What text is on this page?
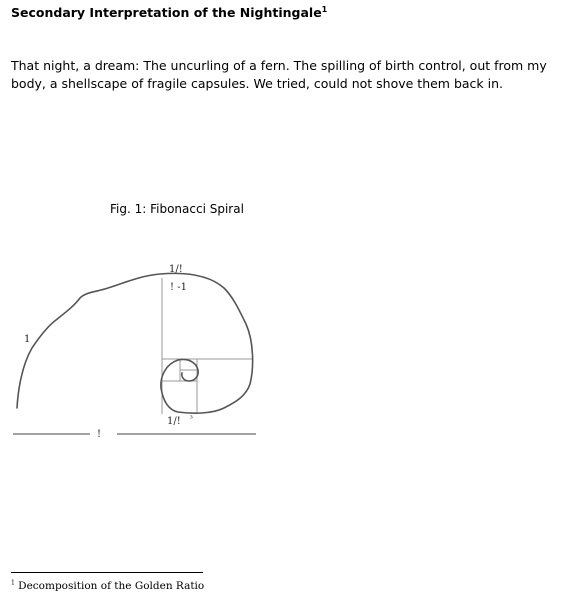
Secondary Interpretation of the Nightingale$^1$
That night, a dream: The uncurling of a fern. The spilling of birth control, out from my body, a shellscape of fragile capsules. We tried, could not shove them back in.
Fig. 1: Fibonacci Spiral
1/!
! -1
1
1/! ³
!
$^1$ Decomposition of the Golden Ratio
